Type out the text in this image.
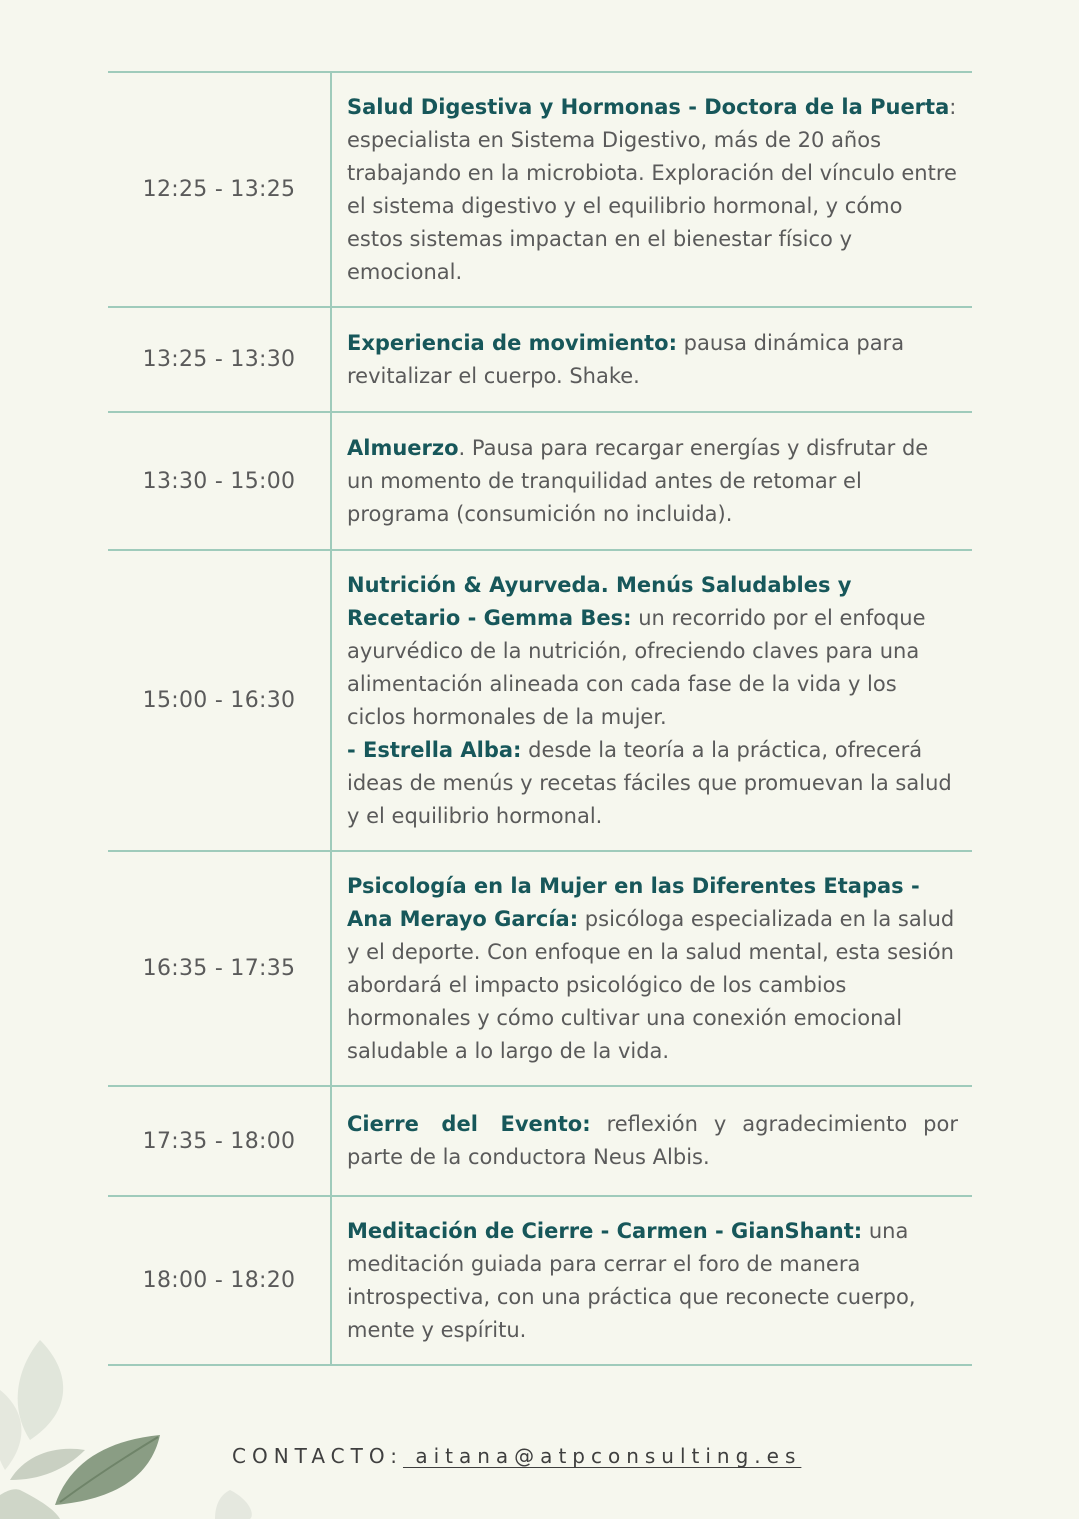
12:25 - 13:25	Salud Digestiva y Hormonas - Doctora de la Puerta: especialista en Sistema Digestivo, más de 20 años trabajando en la microbiota. Exploración del vínculo entre el sistema digestivo y el equilibrio hormonal, y cómo estos sistemas impactan en el bienestar físico y emocional.
13:25 - 13:30	Experiencia de movimiento: pausa dinámica para revitalizar el cuerpo. Shake.
13:30 - 15:00	Almuerzo. Pausa para recargar energías y disfrutar de un momento de tranquilidad antes de retomar el programa (consumición no incluida).
15:00 - 16:30	Nutrición & Ayurveda. Menús Saludables y Recetario - Gemma Bes: un recorrido por el enfoque ayurvédico de la nutrición, ofreciendo claves para una alimentación alineada con cada fase de la vida y los ciclos hormonales de la mujer.
- Estrella Alba: desde la teoría a la práctica, ofrecerá ideas de menús y recetas fáciles que promuevan la salud y el equilibrio hormonal.
16:35 - 17:35	Psicología en la Mujer en las Diferentes Etapas - Ana Merayo García: psicóloga especializada en la salud y el deporte. Con enfoque en la salud mental, esta sesión abordará el impacto psicológico de los cambios hormonales y cómo cultivar una conexión emocional saludable a lo largo de la vida.
17:35 - 18:00	Cierre del Evento: reflexión y agradecimiento por parte de la conductora Neus Albis.
18:00 - 18:20	Meditación de Cierre - Carmen - GianShant: una meditación guiada para cerrar el foro de manera introspectiva, con una práctica que reconecte cuerpo, mente y espíritu.
CONTACTO: aitana@atpconsulting.es
